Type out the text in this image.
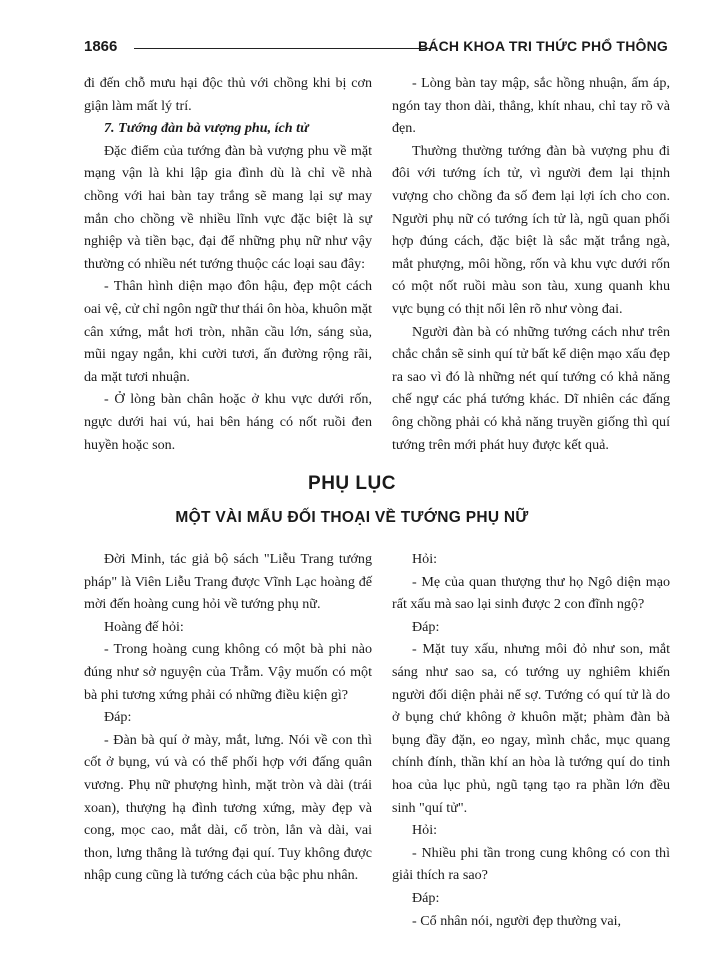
1866	BÁCH KHOA TRI THỨC PHỔ THÔNG

đi đến chỗ mưu hại độc thủ với chồng khi bị cơn giận làm mất lý trí.

7. Tướng đàn bà vượng phu, ích tử

Đặc điểm của tướng đàn bà vượng phu về mặt mạng vận là khi lập gia đình dù là chỉ về nhà chồng với hai bàn tay trắng sẽ mang lại sự may mắn cho chồng về nhiều lĩnh vực đặc biệt là sự nghiệp và tiền bạc, đại để những phụ nữ như vậy thường có nhiều nét tướng thuộc các loại sau đây:

- Thân hình diện mạo đôn hậu, đẹp một cách oai vệ, cử chỉ ngôn ngữ thư thái ôn hòa, khuôn mặt cân xứng, mắt hơi tròn, nhãn cầu lớn, sáng sủa, mũi ngay ngắn, khi cười tươi, ấn đường rộng rãi, da mặt tươi nhuận.

- Ở lòng bàn chân hoặc ở khu vực dưới rốn, ngực dưới hai vú, hai bên háng có nốt ruồi đen huyền hoặc son.

- Lòng bàn tay mập, sắc hồng nhuận, ấm áp, ngón tay thon dài, thẳng, khít nhau, chỉ tay rõ và đẹn.

Thường thường tướng đàn bà vượng phu đi đôi với tướng ích tử, vì người đem lại thịnh vượng cho chồng đa số đem lại lợi ích cho con. Người phụ nữ có tướng ích tử là, ngũ quan phối hợp đúng cách, đặc biệt là sắc mặt trắng ngà, mắt phượng, môi hồng, rốn và khu vực dưới rốn có một nốt ruồi màu son tàu, xung quanh khu vực bụng có thịt nổi lên rõ như vòng đai.

Người đàn bà có những tướng cách như trên chắc chắn sẽ sinh quí tử bất kể diện mạo xấu đẹp ra sao vì đó là những nét quí tướng có khả năng chế ngự các phá tướng khác. Dĩ nhiên các đấng ông chồng phải có khả năng truyền giống thì quí tướng trên mới phát huy được kết quả.

PHỤ LỤC
MỘT VÀI MẨU ĐỐI THOẠI VỀ TƯỚNG PHỤ NỮ

Đời Minh, tác giả bộ sách "Liễu Trang tướng pháp" là Viên Liễu Trang được Vĩnh Lạc hoàng đế mời đến hoàng cung hỏi về tướng phụ nữ.

Hoàng đế hỏi:

- Trong hoàng cung không có một bà phi nào đúng như sở nguyện của Trẫm. Vậy muốn có một bà phi tương xứng phải có những điều kiện gì?

Đáp:

- Đàn bà quí ở mày, mắt, lưng. Nói về con thì cốt ở bụng, vú và có thể phối hợp với đấng quân vương. Phụ nữ phượng hình, mặt tròn và dài (trái xoan), thượng hạ đình tương xứng, mày đẹp và cong, mọc cao, mắt dài, cổ tròn, lẳn và dài, vai thon, lưng thẳng là tướng đại quí. Tuy không được nhập cung cũng là tướng cách của bậc phu nhân.

Hỏi:

- Mẹ của quan thượng thư họ Ngô diện mạo rất xấu mà sao lại sinh được 2 con đĩnh ngộ?

Đáp:

- Mặt tuy xấu, nhưng môi đỏ như son, mắt sáng như sao sa, có tướng uy nghiêm khiến người đối diện phải nể sợ. Tướng có quí tử là do ở bụng chứ không ở khuôn mặt; phàm đàn bà bụng đầy đặn, eo ngay, mình chắc, mục quang chính đính, thần khí an hòa là tướng quí do tinh hoa của lục phủ, ngũ tạng tạo ra phần lớn đều sinh "quí tử".

Hỏi:

- Nhiều phi tần trong cung không có con thì giải thích ra sao?

Đáp:

- Cổ nhân nói, người đẹp thường vai,
